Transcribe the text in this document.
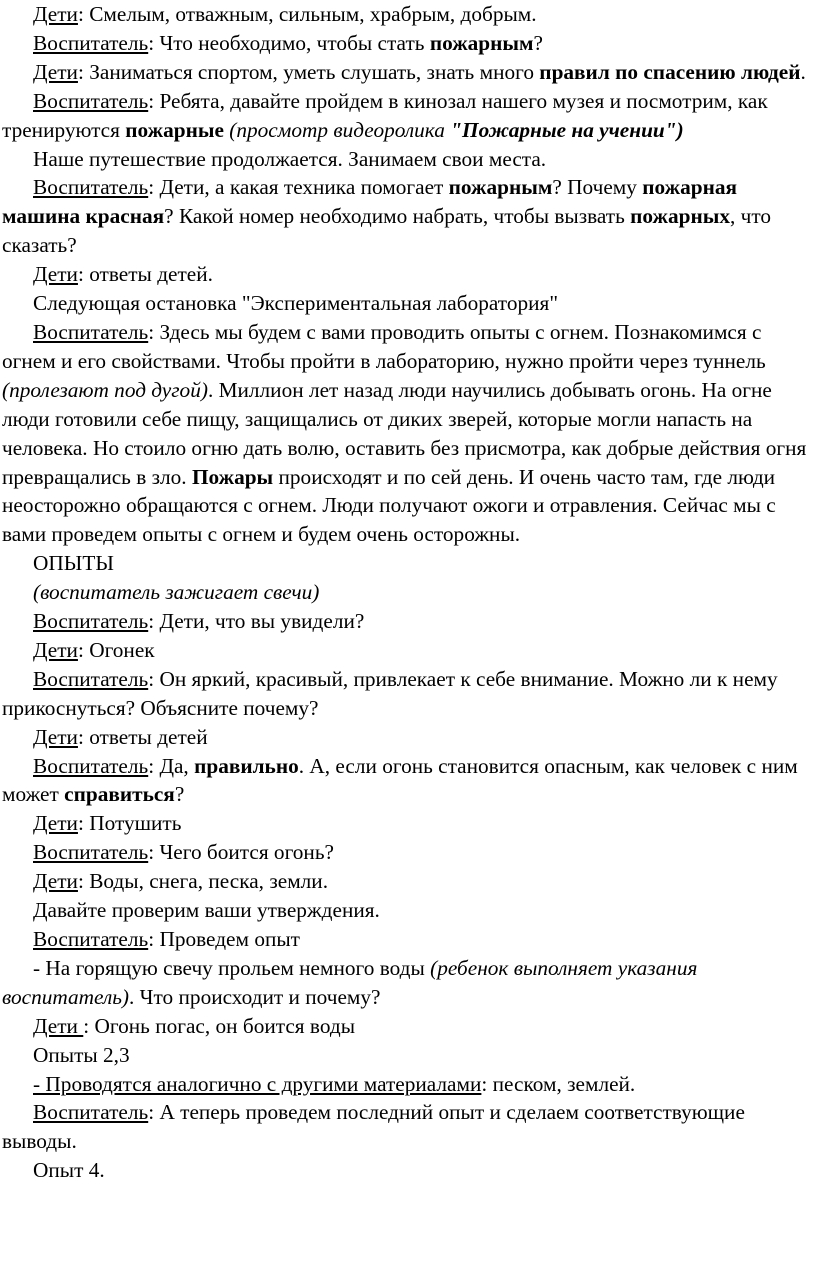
Дети: Смелым, отважным, сильным, храбрым, добрым.

Воспитатель: Что необходимо, чтобы стать пожарным?

Дети: Заниматься спортом, уметь слушать, знать много правил по спасению людей.

Воспитатель: Ребята, давайте пройдем в кинозал нашего музея и посмотрим, как тренируются пожарные (просмотр видеоролика "Пожарные на учении")

Наше путешествие продолжается. Занимаем свои места.

Воспитатель: Дети, а какая техника помогает пожарным? Почему пожарная машина красная? Какой номер необходимо набрать, чтобы вызвать пожарных, что сказать?

Дети: ответы детей.

Следующая остановка "Экспериментальная лаборатория"

Воспитатель: Здесь мы будем с вами проводить опыты с огнем. Познакомимся с огнем и его свойствами. Чтобы пройти в лабораторию, нужно пройти через туннель (пролезают под дугой). Миллион лет назад люди научились добывать огонь. На огне люди готовили себе пищу, защищались от диких зверей, которые могли напасть на человека. Но стоило огню дать волю, оставить без присмотра, как добрые действия огня превращались в зло. Пожары происходят и по сей день. И очень часто там, где люди неосторожно обращаются с огнем. Люди получают ожоги и отравления. Сейчас мы с вами проведем опыты с огнем и будем очень осторожны.

ОПЫТЫ

(воспитатель зажигает свечи)

Воспитатель: Дети, что вы увидели?

Дети: Огонек

Воспитатель: Он яркий, красивый, привлекает к себе внимание. Можно ли к нему прикоснуться? Объясните почему?

Дети: ответы детей

Воспитатель: Да, правильно. А, если огонь становится опасным, как человек с ним может справиться?

Дети: Потушить

Воспитатель: Чего боится огонь?

Дети: Воды, снега, песка, земли.

Давайте проверим ваши утверждения.

Воспитатель: Проведем опыт

- На горящую свечу прольем немного воды (ребенок выполняет указания воспитатель). Что происходит и почему?

Дети : Огонь погас, он боится воды

Опыты 2,3

- Проводятся аналогично с другими материалами: песком, землей.

Воспитатель: А теперь проведем последний опыт и сделаем соответствующие выводы.

Опыт 4.
